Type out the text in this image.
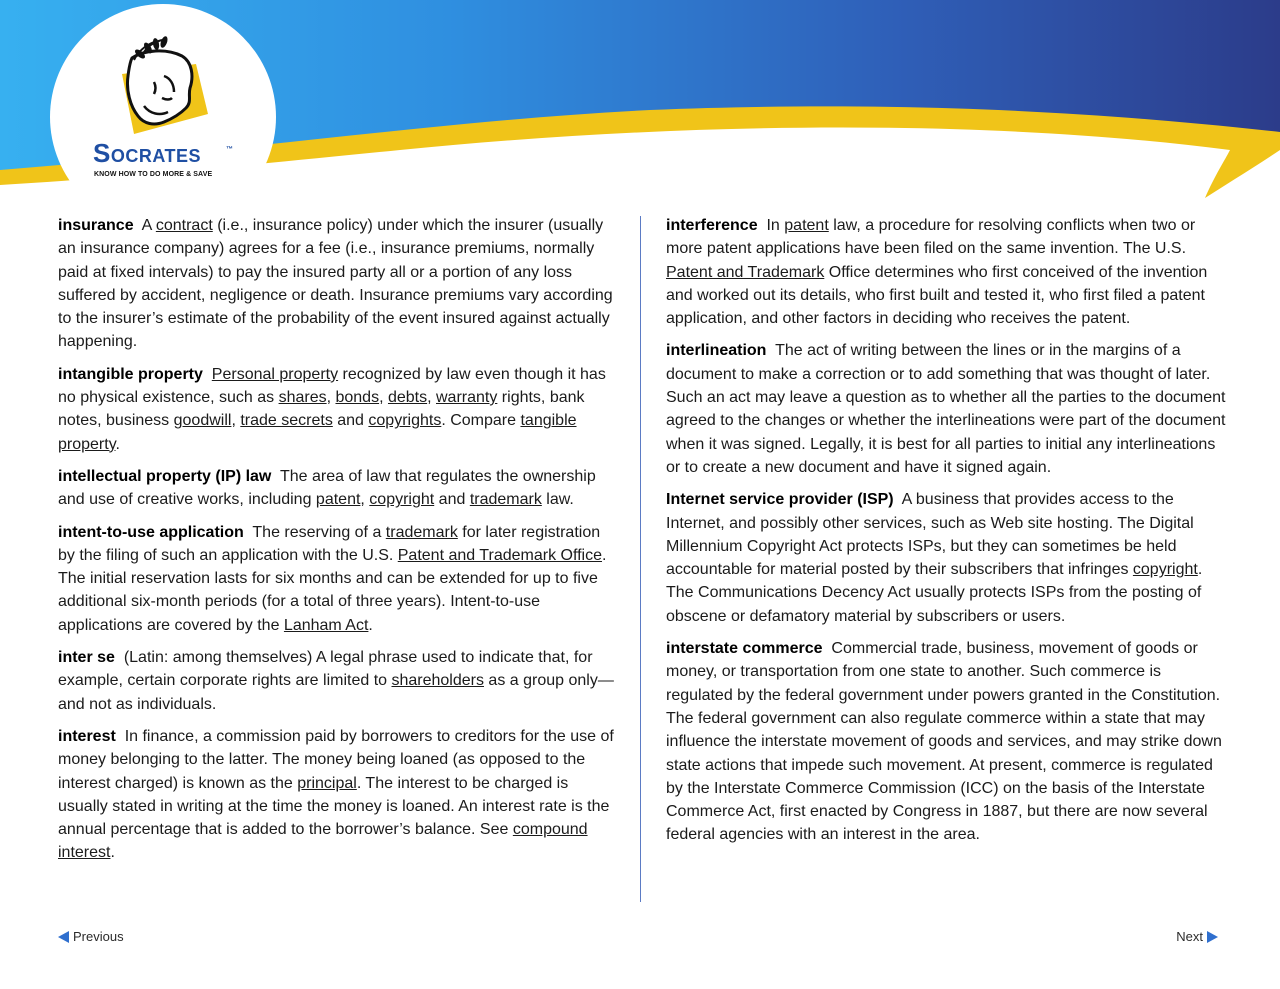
Socrates	™
KNOW HOW TO DO MORE & SAVE

insurance A contract (i.e., insurance policy) under which the insurer (usually an insurance company) agrees for a fee (i.e., insurance premiums, normally paid at fixed intervals) to pay the insured party all or a portion of any loss suffered by accident, negligence or death. Insurance premiums vary according to the insurer’s estimate of the probability of the event insured against actually happening.

intangible property Personal property recognized by law even though it has no physical existence, such as shares, bonds, debts, warranty rights, bank notes, business goodwill, trade secrets and copyrights. Compare tangible property.

intellectual property (IP) law The area of law that regulates the ownership and use of creative works, including patent, copyright and trademark law.

intent-to-use application The reserving of a trademark for later registration by the filing of such an application with the U.S. Patent and Trademark Office. The initial reservation lasts for six months and can be extended for up to five additional six-month periods (for a total of three years). Intent-to-use applications are covered by the Lanham Act.

inter se (Latin: among themselves) A legal phrase used to indicate that, for example, certain corporate rights are limited to shareholders as a group only—and not as individuals.

interest In finance, a commission paid by borrowers to creditors for the use of money belonging to the latter. The money being loaned (as opposed to the interest charged) is known as the principal. The interest to be charged is usually stated in writing at the time the money is loaned. An interest rate is the annual percentage that is added to the borrower’s balance. See compound interest.

interference In patent law, a procedure for resolving conflicts when two or more patent applications have been filed on the same invention. The U.S. Patent and Trademark Office determines who first conceived of the invention and worked out its details, who first built and tested it, who first filed a patent application, and other factors in deciding who receives the patent.

interlineation The act of writing between the lines or in the margins of a document to make a correction or to add something that was thought of later. Such an act may leave a question as to whether all the parties to the document agreed to the changes or whether the interlineations were part of the document when it was signed. Legally, it is best for all parties to initial any interlineations or to create a new document and have it signed again.

Internet service provider (ISP) A business that provides access to the Internet, and possibly other services, such as Web site hosting. The Digital Millennium Copyright Act protects ISPs, but they can sometimes be held accountable for material posted by their subscribers that infringes copyright. The Communications Decency Act usually protects ISPs from the posting of obscene or defamatory material by subscribers or users.

interstate commerce Commercial trade, business, movement of goods or money, or transportation from one state to another. Such commerce is regulated by the federal government under powers granted in the Constitution. The federal government can also regulate commerce within a state that may influence the interstate movement of goods and services, and may strike down state actions that impede such movement. At present, commerce is regulated by the Interstate Commerce Commission (ICC) on the basis of the Interstate Commerce Act, first enacted by Congress in 1887, but there are now several federal agencies with an interest in the area.

Previous	Next
